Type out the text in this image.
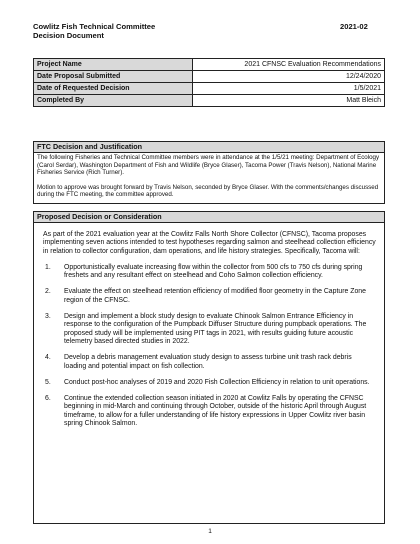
Cowlitz Fish Technical Committee
Decision Document
2021-02
Project Name	2021 CFNSC Evaluation Recommendations
Date Proposal Submitted	12/24/2020
Date of Requested Decision	1/5/2021
Completed By	Matt Bleich
FTC Decision and Justification

The following Fisheries and Technical Committee members were in attendance at the 1/5/21 meeting: Department of Ecology (Carol Serdar), Washington Department of Fish and Wildlife (Bryce Glaser), Tacoma Power (Travis Nelson), National Marine Fisheries Service (Rich Turner).

Motion to approve was brought forward by Travis Nelson, seconded by Bryce Glaser. With the comments/changes discussed during the FTC meeting, the committee approved.

Proposed Decision or Consideration

As part of the 2021 evaluation year at the Cowlitz Falls North Shore Collector (CFNSC), Tacoma proposes implementing seven actions intended to test hypotheses regarding salmon and steelhead collection efficiency in relation to collector configuration, dam operations, and life history strategies. Specifically, Tacoma will:

1.	Opportunistically evaluate increasing flow within the collector from 500 cfs to 750 cfs during spring freshets and any resultant effect on steelhead and Coho Salmon collection efficiency.
2.	Evaluate the effect on steelhead retention efficiency of modified floor geometry in the Capture Zone region of the CFNSC.
3.	Design and implement a block study design to evaluate Chinook Salmon Entrance Efficiency in response to the configuration of the Pumpback Diffuser Structure during pumpback operations. The proposed study will be implemented using PIT tags in 2021, with results guiding future acoustic telemetry based directed studies in 2022.
4.	Develop a debris management evaluation study design to assess turbine unit trash rack debris loading and potential impact on fish collection.
5.	Conduct post-hoc analyses of 2019 and 2020 Fish Collection Efficiency in relation to unit operations.
6.	Continue the extended collection season initiated in 2020 at Cowlitz Falls by operating the CFNSC beginning in mid-March and continuing through October, outside of the historic April through August timeframe, to allow for a fuller understanding of life history expressions in Upper Cowlitz river basin spring Chinook Salmon.
1
